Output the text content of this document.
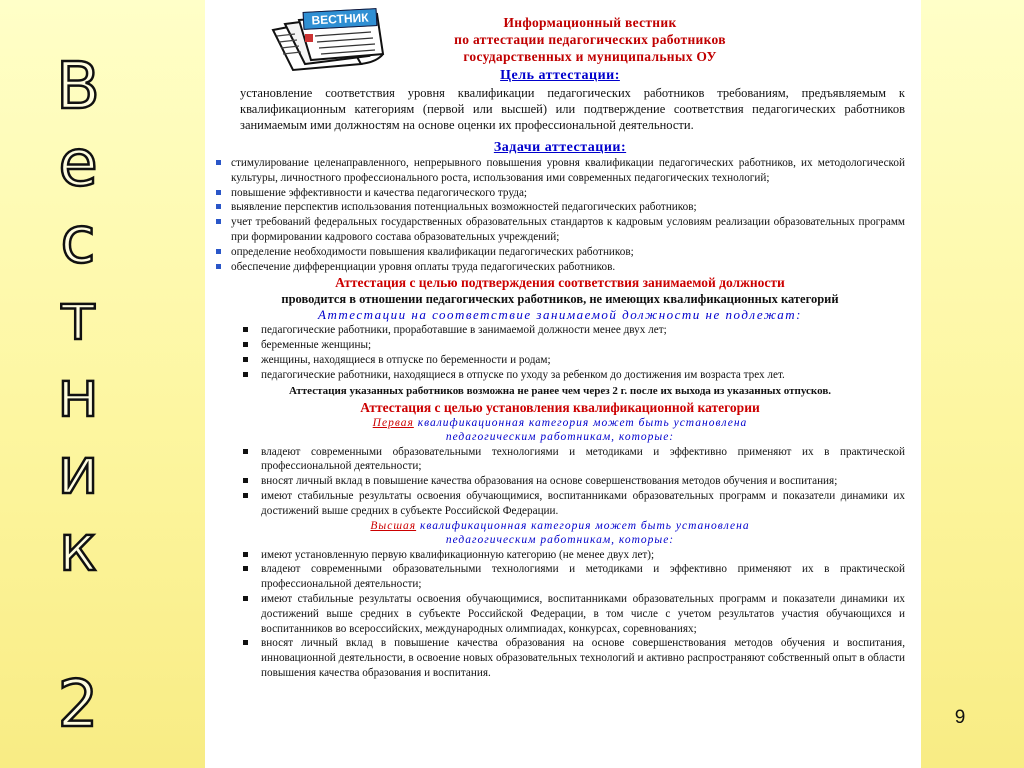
В
е
с
т
н
и
к
2	9
ВЕСТНИК	Информационный вестник
по аттестации педагогических работников
государственных и муниципальных ОУ
Цель аттестации:
установление соответствия уровня квалификации педагогических работников требованиям, предъявляемым к квалификационным категориям (первой или высшей) или подтверждение соответствия педагогических работников занимаемым ими должностям на основе оценки их профессиональной деятельности.
Задачи аттестации:
стимулирование целенаправленного, непрерывного повышения уровня квалификации педагогических работников, их методологической культуры, личностного профессионального роста, использования ими современных педагогических технологий;
повышение эффективности и качества педагогического труда;
выявление перспектив использования потенциальных возможностей педагогических работников;
учет требований федеральных государственных образовательных стандартов к кадровым условиям реализации образовательных программ при формировании кадрового состава образовательных учреждений;
определение необходимости повышения квалификации педагогических работников;
обеспечение дифференциации уровня оплаты труда педагогических работников.
Аттестация с целью подтверждения соответствия занимаемой должности
проводится в отношении педагогических работников, не имеющих квалификационных категорий
Аттестации на соответствие занимаемой должности не подлежат:
педагогические работники, проработавшие в занимаемой должности менее двух лет;
беременные женщины;
женщины, находящиеся в отпуске по беременности и родам;
педагогические работники, находящиеся в отпуске по уходу за ребенком до достижения им возраста трех лет.
Аттестация указанных работников возможна не ранее чем через 2 г. после их выхода из указанных отпусков.
Аттестация с целью установления квалификационной категории
Первая квалификационная категория может быть установлена
педагогическим работникам, которые:
владеют современными образовательными технологиями и методиками и эффективно применяют их в практической профессиональной деятельности;
вносят личный вклад в повышение качества образования на основе совершенствования методов обучения и воспитания;
имеют стабильные результаты освоения обучающимися, воспитанниками образовательных программ и показатели динамики их достижений выше средних в субъекте Российской Федерации.
Высшая квалификационная категория может быть установлена
педагогическим работникам, которые:
имеют установленную первую квалификационную категорию (не менее двух лет);
владеют современными образовательными технологиями и методиками и эффективно применяют их в практической профессиональной деятельности;
имеют стабильные результаты освоения обучающимися, воспитанниками образовательных программ и показатели динамики их достижений выше средних в субъекте Российской Федерации, в том числе с учетом результатов участия обучающихся и воспитанников во всероссийских, международных олимпиадах, конкурсах, соревнованиях;
вносят личный вклад в повышение качества образования на основе совершенствования методов обучения и воспитания, инновационной деятельности, в освоение новых образовательных технологий и активно распространяют собственный опыт в области повышения качества образования и воспитания.
